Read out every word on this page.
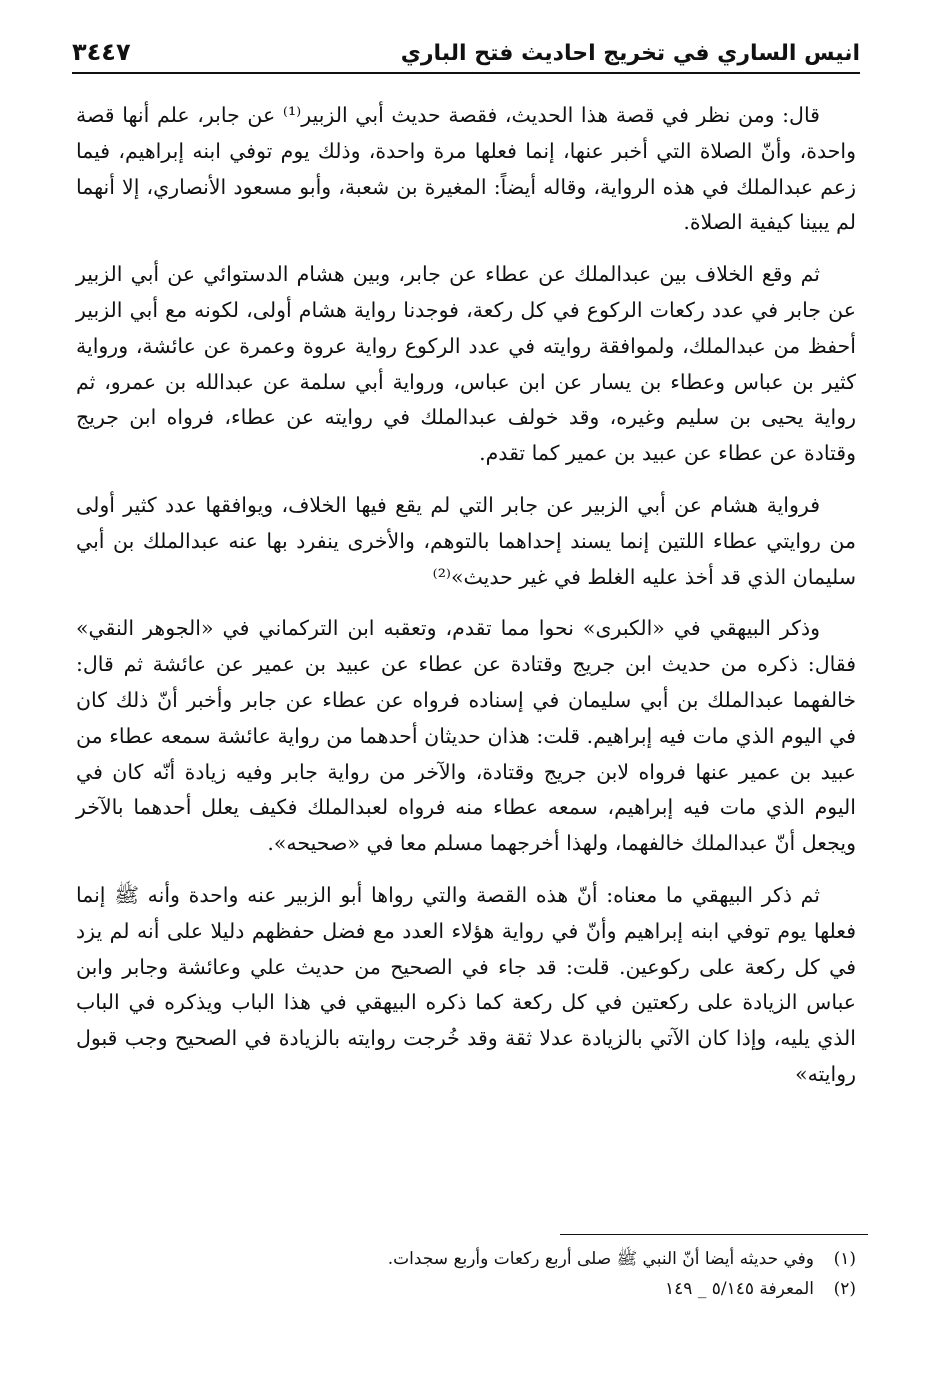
انيس الساري في تخريج احاديث فتح الباري
٣٤٤٧

قال: ومن نظر في قصة هذا الحديث، فقصة حديث أبي الزبير⁽¹⁾ عن جابر، علم أنها قصة واحدة، وأنّ الصلاة التي أخبر عنها، إنما فعلها مرة واحدة، وذلك يوم توفي ابنه إبراهيم، فيما زعم عبدالملك في هذه الرواية، وقاله أيضاً: المغيرة بن شعبة، وأبو مسعود الأنصاري، إلا أنهما لم يبينا كيفية الصلاة.

ثم وقع الخلاف بين عبدالملك عن عطاء عن جابر، وبين هشام الدستوائي عن أبي الزبير عن جابر في عدد ركعات الركوع في كل ركعة، فوجدنا رواية هشام أولى، لكونه مع أبي الزبير أحفظ من عبدالملك، ولموافقة روايته في عدد الركوع رواية عروة وعمرة عن عائشة، ورواية كثير بن عباس وعطاء بن يسار عن ابن عباس، ورواية أبي سلمة عن عبدالله بن عمرو، ثم رواية يحيى بن سليم وغيره، وقد خولف عبدالملك في روايته عن عطاء، فرواه ابن جريج وقتادة عن عطاء عن عبيد بن عمير كما تقدم.

فرواية هشام عن أبي الزبير عن جابر التي لم يقع فيها الخلاف، ويوافقها عدد كثير أولى من روايتي عطاء اللتين إنما يسند إحداهما بالتوهم، والأخرى ينفرد بها عنه عبدالملك بن أبي سليمان الذي قد أخذ عليه الغلط في غير حديث»⁽²⁾

وذكر البيهقي في «الكبرى» نحوا مما تقدم، وتعقبه ابن التركماني في «الجوهر النقي» فقال: ذكره من حديث ابن جريج وقتادة عن عطاء عن عبيد بن عمير عن عائشة ثم قال: خالفهما عبدالملك بن أبي سليمان في إسناده فرواه عن عطاء عن جابر وأخبر أنّ ذلك كان في اليوم الذي مات فيه إبراهيم. قلت: هذان حديثان أحدهما من رواية عائشة سمعه عطاء من عبيد بن عمير عنها فرواه لابن جريج وقتادة، والآخر من رواية جابر وفيه زيادة أنّه كان في اليوم الذي مات فيه إبراهيم، سمعه عطاء منه فرواه لعبدالملك فكيف يعلل أحدهما بالآخر ويجعل أنّ عبدالملك خالفهما، ولهذا أخرجهما مسلم معا في «صحيحه».

ثم ذكر البيهقي ما معناه: أنّ هذه القصة والتي رواها أبو الزبير عنه واحدة وأنه ﷺ إنما فعلها يوم توفي ابنه إبراهيم وأنّ في رواية هؤلاء العدد مع فضل حفظهم دليلا على أنه لم يزد في كل ركعة على ركوعين. قلت: قد جاء في الصحيح من حديث علي وعائشة وجابر وابن عباس الزيادة على ركعتين في كل ركعة كما ذكره البيهقي في هذا الباب ويذكره في الباب الذي يليه، وإذا كان الآتي بالزيادة عدلا ثقة وقد خُرجت روايته بالزيادة في الصحيح وجب قبول روايته»

(١)
وفي حديثه أيضا أنّ النبي ﷺ صلى أربع ركعات وأربع سجدات.
(٢)
المعرفة ٥/١٤٥ _ ١٤٩
